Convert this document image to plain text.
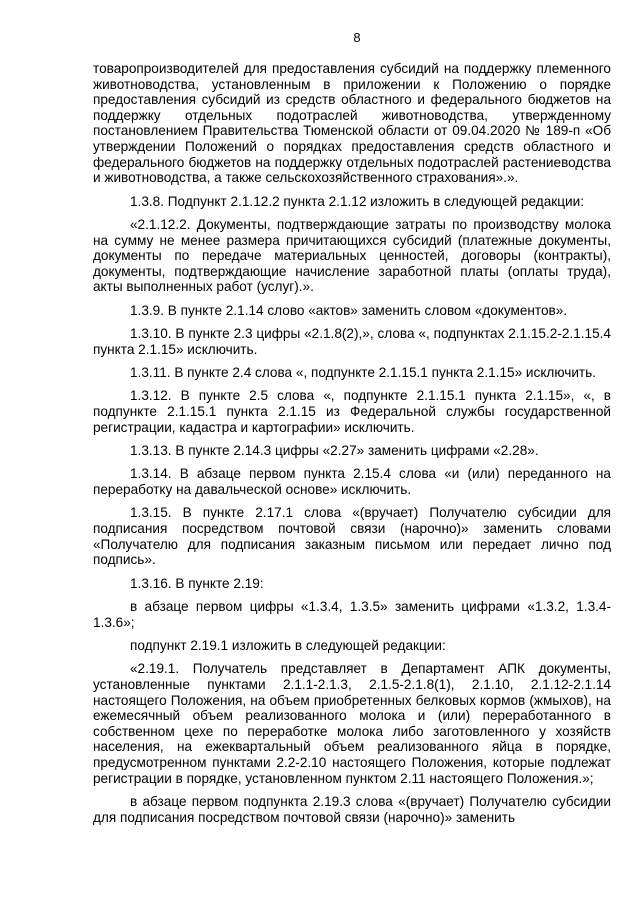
8

товаропроизводителей для предоставления субсидий на поддержку племенного животноводства, установленным в приложении к Положению о порядке предоставления субсидий из средств областного и федерального бюджетов на поддержку отдельных подотраслей животноводства, утвержденному постановлением Правительства Тюменской области от 09.04.2020 № 189-п «Об утверждении Положений о порядках предоставления средств областного и федерального бюджетов на поддержку отдельных подотраслей растениеводства и животноводства, а также сельскохозяйственного страхования».».

1.3.8. Подпункт 2.1.12.2 пункта 2.1.12 изложить в следующей редакции:

«2.1.12.2. Документы, подтверждающие затраты по производству молока на сумму не менее размера причитающихся субсидий (платежные документы, документы по передаче материальных ценностей, договоры (контракты), документы, подтверждающие начисление заработной платы (оплаты труда), акты выполненных работ (услуг).».

1.3.9. В пункте 2.1.14 слово «актов» заменить словом «документов».

1.3.10. В пункте 2.3 цифры «2.1.8(2),», слова «, подпунктах 2.1.15.2-2.1.15.4 пункта 2.1.15» исключить.

1.3.11. В пункте 2.4 слова «, подпункте 2.1.15.1 пункта 2.1.15» исключить.

1.3.12. В пункте 2.5 слова «, подпункте 2.1.15.1 пункта 2.1.15», «, в подпункте 2.1.15.1 пункта 2.1.15 из Федеральной службы государственной регистрации, кадастра и картографии» исключить.

1.3.13. В пункте 2.14.3 цифры «2.27» заменить цифрами «2.28».

1.3.14. В абзаце первом пункта 2.15.4 слова «и (или) переданного на переработку на давальческой основе» исключить.

1.3.15. В пункте 2.17.1 слова «(вручает) Получателю субсидии для подписания посредством почтовой связи (нарочно)» заменить словами «Получателю для подписания заказным письмом или передает лично под подпись».

1.3.16. В пункте 2.19:

в абзаце первом цифры «1.3.4, 1.3.5» заменить цифрами «1.3.2, 1.3.4-1.3.6»;

подпункт 2.19.1 изложить в следующей редакции:

«2.19.1. Получатель представляет в Департамент АПК документы, установленные пунктами 2.1.1-2.1.3, 2.1.5-2.1.8(1), 2.1.10, 2.1.12-2.1.14 настоящего Положения, на объем приобретенных белковых кормов (жмыхов), на ежемесячный объем реализованного молока и (или) переработанного в собственном цехе по переработке молока либо заготовленного у хозяйств населения, на ежеквартальный объем реализованного яйца в порядке, предусмотренном пунктами 2.2-2.10 настоящего Положения, которые подлежат регистрации в порядке, установленном пунктом 2.11 настоящего Положения.»;

в абзаце первом подпункта 2.19.3 слова «(вручает) Получателю субсидии для подписания посредством почтовой связи (нарочно)» заменить
